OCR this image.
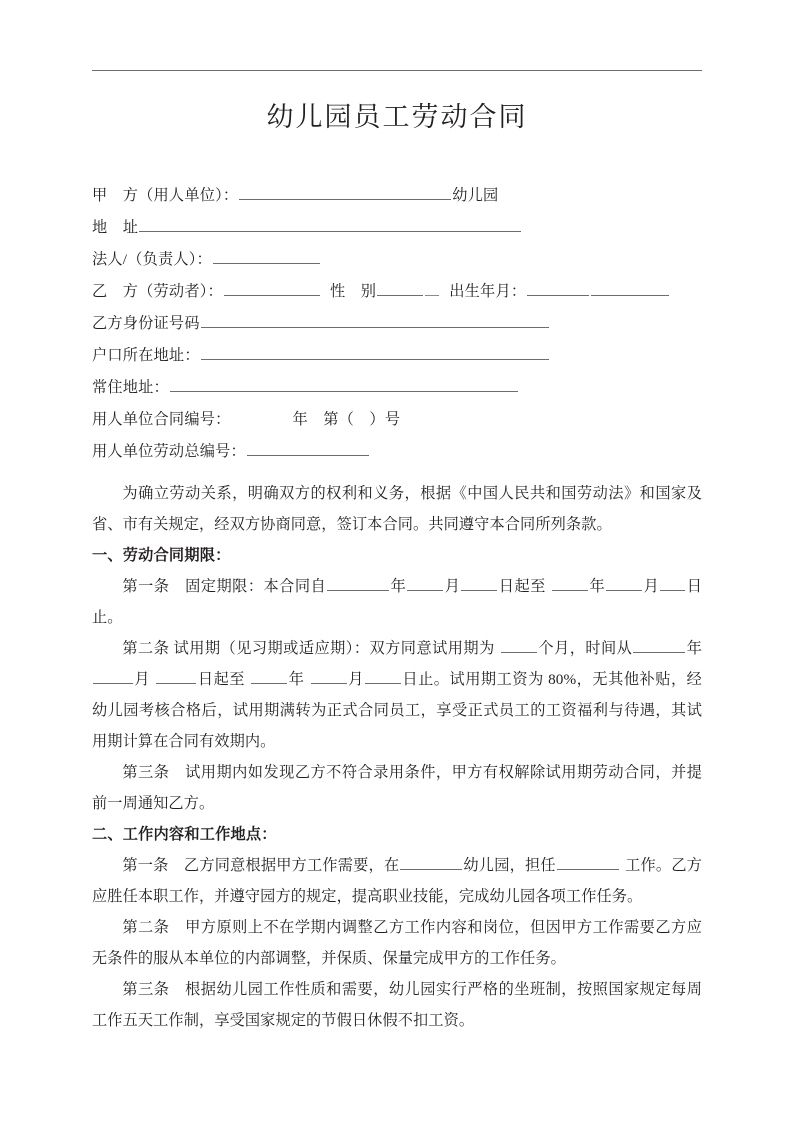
幼儿园员工劳动合同
甲　方（用人单位）：	幼儿园
地　址
法人/（负责人）：
乙　方（劳动者）：	性　别	出生年月：
乙方身份证号码
户口所在地址：
常住地址：
用人单位合同编号：	年　第（　）号
用人单位劳动总编号：

为确立劳动关系，明确双方的权利和义务，根据《中国人民共和国劳动法》和国家及省、市有关规定，经双方协商同意，签订本合同。共同遵守本合同所列条款。

一、劳动合同期限：

第一条　固定期限：本合同自	年	月	日起至	年	月 日止。

第二条 试用期（见习期或适应期）：双方同意试用期为	个月，时间从	年月	日起至	年	月	日止。试用期工资为 80%，无其他补贴，经幼儿园考核合格后，试用期满转为正式合同员工，享受正式员工的工资福利与待遇，其试用期计算在合同有效期内。

第三条　试用期内如发现乙方不符合录用条件，甲方有权解除试用期劳动合同，并提前一周通知乙方。

二、工作内容和工作地点：

第一条　乙方同意根据甲方工作需要，在	幼儿园，担任	工作。乙方应胜任本职工作，并遵守园方的规定，提高职业技能，完成幼儿园各项工作任务。

第二条　甲方原则上不在学期内调整乙方工作内容和岗位，但因甲方工作需要乙方应无条件的服从本单位的内部调整，并保质、保量完成甲方的工作任务。

第三条　根据幼儿园工作性质和需要，幼儿园实行严格的坐班制，按照国家规定每周工作五天工作制，享受国家规定的节假日休假不扣工资。
